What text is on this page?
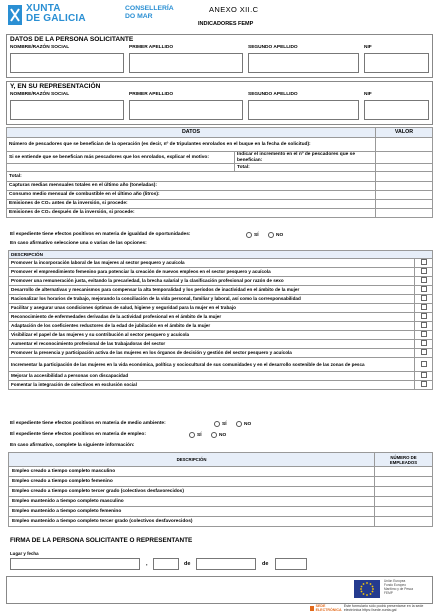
XUNTA
DE GALICIA
CONSELLERÍA
DO MAR
ANEXO XII.C
INDICADORES FEMP
DATOS DE LA PERSONA SOLICITANTE
NOMBRE/RAZÓN SOCIAL	PRIMER APELLIDO	SEGUNDO APELLIDO	NIF
Y, EN SU REPRESENTACIÓN
NOMBRE/RAZÓN SOCIAL	PRIMER APELLIDO	SEGUNDO APELLIDO	NIF
DATOS		VALOR
Número de pescadores que se benefician de la operación (es decir, nº de tripulantes enrolados en el buque en la fecha de solicitud):		
Si se entiende que se benefician más pescadores que los enrolados, explicar el motivo:	Indicar el incremento en el nº de pescadores que se benefician:	
	Total:	
Total:		
Capturas medias mensuales totales en el último año (toneladas):		
Consumo medio mensual de combustible en el último año (litros):		
Emisiones de CO₂ antes de la inversión, si procede:		
Emisiones de CO₂ después de la inversión, si procede:		
El expediente tiene efectos positivos en materia de igualdad de oportunidades:	SÍ	NO
En caso afirmativo seleccione una o varias de las opciones:
DESCRIPCIÓN	
Promover la incorporación laboral de las mujeres al sector pesquero y acuícola	
Promover el emprendimiento femenino para potenciar la creación de nuevos empleos en el sector pesquero y acuícola	
Promover una remuneración justa, evitando la precariedad, la brecha salarial y la clasificación profesional por razón de sexo	
Desarrollo de alternativas y mecanismos para compensar la alta temporalidad y los períodos de inactividad en el ámbito de la mujer	
Racionalizar los horarios de trabajo, mejorando la conciliación de la vida personal, familiar y laboral, así como la corresponsabilidad	
Facilitar y asegurar unas condiciones óptimas de salud, higiene y seguridad para la mujer en el trabajo	
Reconocimiento de enfermedades derivadas de la actividad profesional en el ámbito de la mujer	
Adaptación de los coeficientes reductores de la edad de jubilación en el ámbito de la mujer	
Visibilizar el papel de las mujeres y su contribución al sector pesquero y acuícola	
Aumentar el reconocimiento profesional de las trabajadoras del sector	
Promover la presencia y participación activa de las mujeres en los órganos de decisión y gestión del sector pesquero y acuícola	
Incrementar la participación de las mujeres en la vida económica, política y sociocultural de sus comunidades y en el desarrollo sostenible de las zonas de pesca	
Mejorar la accesibilidad a personas con discapacidad	
Fomentar la integración de colectivos en exclusión social	
El expediente tiene efectos positivos en materia de medio ambiente:	SÍ	NO
El expediente tiene efectos positivos en materia de empleo:	SÍ	NO
En caso afirmativo, complete la siguiente información:
DESCRIPCIÓN	NÚMERO DE EMPLEADOS
Empleo creado a tiempo completo masculino	
Empleo creado a tiempo completo femenino	
Empleo creado a tiempo completo tercer grado (colectivos desfavorecidos)	
Empleo mantenido a tiempo completo masculino	
Empleo mantenido a tiempo completo femenino	
Empleo mantenido a tiempo completo tercer grado (colectivos desfavorecidos)	
FIRMA DE LA PERSONA SOLICITANTE O REPRESENTANTE
Lugar y fecha
,	de	de
Unión Europea
Fondo Europeo
Marítimo y de Pesca
FEMP
SEDE ELECTRÓNICA
Este formulario sólo podrá presentarse en la sede electrónica https://sede.xunta.gal
